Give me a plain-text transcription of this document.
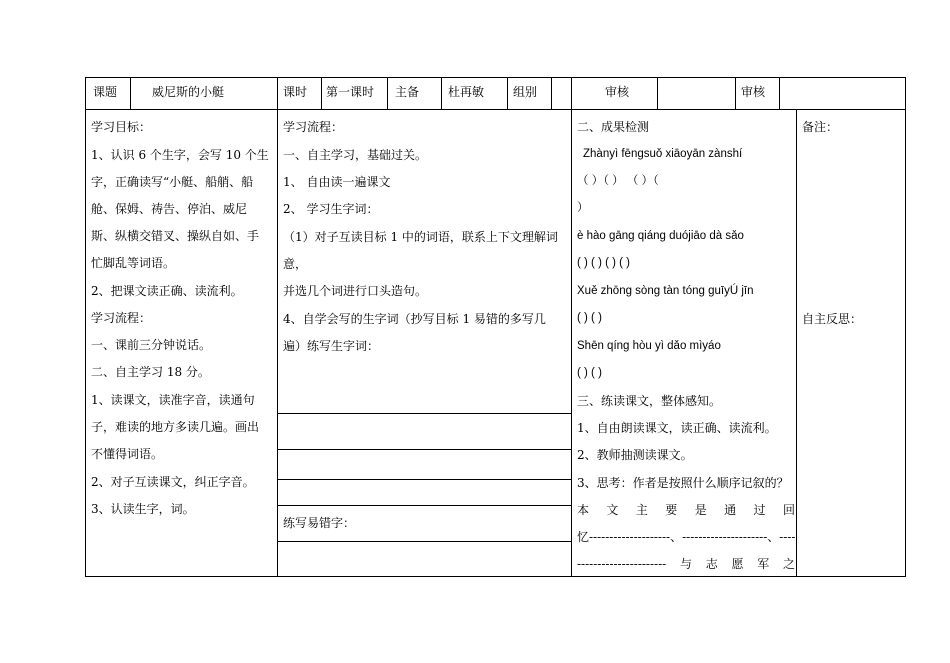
课题	威尼斯的小艇	课时 第一课时 主备 杜再敏 组别	审核	审核
学习目标：
1、认识 6 个生字，会写 10 个生
字，正确读写“小艇、船艄、船
舱、保姆、祷告、停泊、威尼
斯、纵横交错叉、操纵自如、手
忙脚乱等词语。
2、把课文读正确、读流利。
学习流程：
一、课前三分钟说话。
二、自主学习 18 分。
1、读课文，读准字音，读通句
子，难读的地方多读几遍。画出
不懂得词语。
2、对子互读课文，纠正字音。
3、认读生字，词。
学习流程：
一、自主学习，基础过关。
1、 自由读一遍课文
2、 学习生字词：
（1）对子互读目标 1 中的词语，联系上下文理解词
意，
并选几个词进行口头造句。
4、自学会写的生字词（抄写目标 1 易错的多写几
遍）练写生字词：
练写易错字：
二、成果检测
Zhànyì fēngsuǒ xiāoyān zànshí
（ ）（ ） （ ）（
）
è hào gāng qiáng duójiāo dà sǎo
( ) ( ) ( ) ( )
Xuě zhōng sòng tàn tóng guīyÚ jīn
( ) ( )
Shēn qíng hòu yì dǎo mìyáo
( ) ( )
三、练读课文，整体感知。
1、自由朗读课文，读正确、读流利。
2、教师抽测读课文。
3、思考：作者是按照什么顺序记叙的？
本 文 主 要 是 通 过 回
忆--------------------、---------------------、----
---------------------- 与 志 愿 军 之
备注：
自主反思：
